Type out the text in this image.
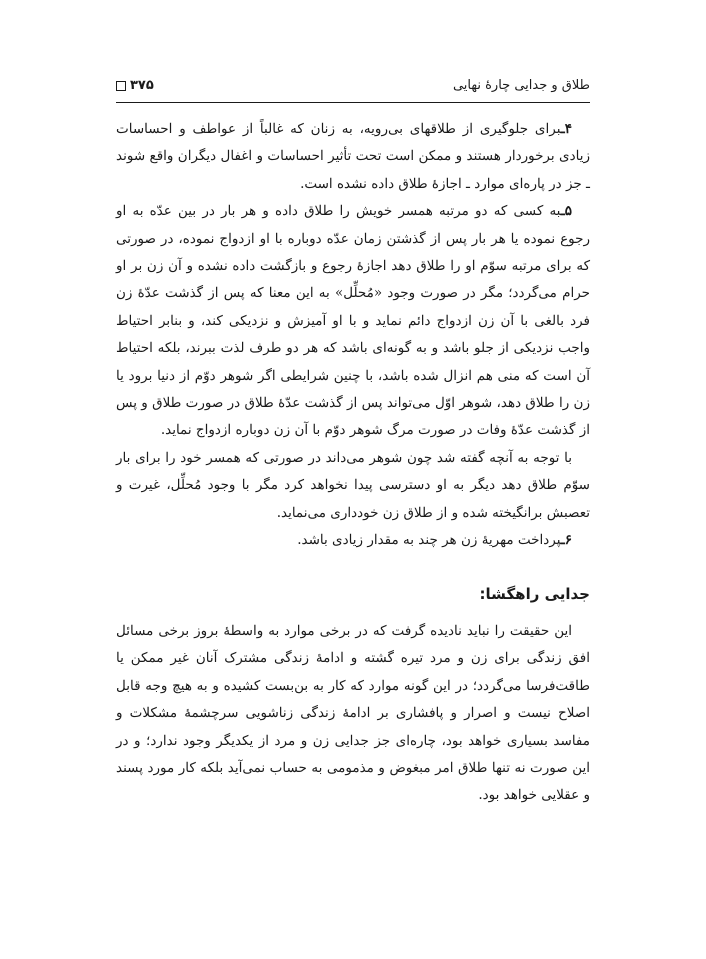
طلاق و جدایی چارهٔ نهایی
۳۷۵

۴ـبرای جلوگیری از طلاقهای بی‌رویه، به زنان که غالباً از عواطف و احساسات زیادی برخوردار هستند و ممکن است تحت تأثیر احساسات و اغفال دیگران واقع شوند ـ جز در پاره‌ای موارد ـ اجازهٔ طلاق داده نشده است.

۵ـبه کسی که دو مرتبه همسر خویش را طلاق داده و هر بار در بین عدّه به او رجوع نموده یا هر بار پس از گذشتن زمان عدّه دوباره با او ازدواج نموده، در صورتی که برای مرتبه سوّم او را طلاق دهد اجازهٔ رجوع و بازگشت داده نشده و آن زن بر او حرام می‌گردد؛ مگر در صورت وجود «مُحلِّل» به این معنا که پس از گذشت عدّهٔ زن فرد بالغی با آن زن ازدواج دائم نماید و با او آمیزش و نزدیکی کند، و بنابر احتیاط واجب نزدیکی از جلو باشد و به گونه‌ای باشد که هر دو طرف لذت ببرند، بلکه احتیاط آن است که منی هم انزال شده باشد، با چنین شرایطی اگر شوهر دوّم از دنیا برود یا زن را طلاق دهد، شوهر اوّل می‌تواند پس از گذشت عدّهٔ طلاق در صورت طلاق و پس از گذشت عدّهٔ وفات در صورت مرگ شوهر دوّم با آن زن دوباره ازدواج نماید.

با توجه به آنچه گفته شد چون شوهر می‌داند در صورتی که همسر خود را برای بار سوّم طلاق دهد دیگر به او دسترسی پیدا نخواهد کرد مگر با وجود مُحلِّل، غیرت و تعصبش برانگیخته شده و از طلاق زن خودداری می‌نماید.

۶ـپرداخت مهریهٔ زن هر چند به مقدار زیادی باشد.

جدایی راهگشا:

این حقیقت را نباید نادیده گرفت که در برخی موارد به واسطهٔ بروز برخی مسائل افق زندگی برای زن و مرد تیره گشته و ادامهٔ زندگی مشترک آنان غیر ممکن یا طاقت‌فرسا می‌گردد؛ در این گونه موارد که کار به بن‌بست کشیده و به هیچ وجه قابل اصلاح نیست و اصرار و پافشاری بر ادامهٔ زندگی زناشویی سرچشمهٔ مشکلات و مفاسد بسیاری خواهد بود، چاره‌ای جز جدایی زن و مرد از یکدیگر وجود ندارد؛ و در این صورت نه تنها طلاق امر مبغوض و مذمومی به حساب نمی‌آید بلکه کار مورد پسند و عقلایی خواهد بود.
